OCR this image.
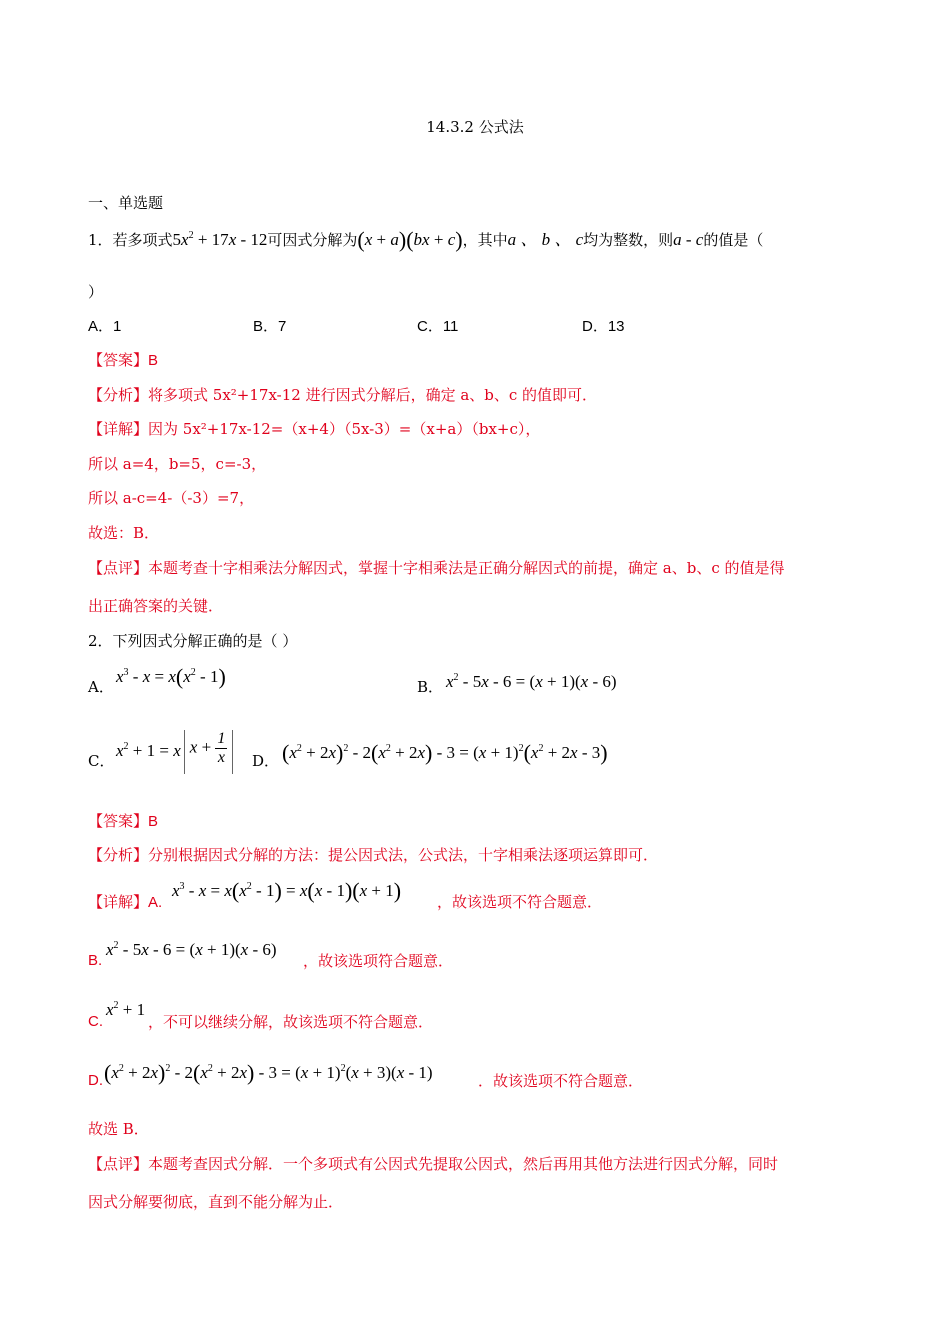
14.3.2 公式法
一、单选题
1．若多项式$5x^2 + 17x - 12$可因式分解为(x + a)(bx + c)，其中a 、 b 、 c均为整数，则a - c的值是（
）
A．1	B．7	C．11	D．13
【答案】B
【分析】将多项式 5x²+17x-12 进行因式分解后，确定 a、b、c 的值即可．
【详解】因为 5x²+17x-12=（x+4）（5x-3）=（x+a）（bx+c），
所以 a=4，b=5，c=-3，
所以 a-c=4-（-3）=7，
故选：B．
【点评】本题考查十字相乘法分解因式，掌握十字相乘法是正确分解因式的前提，确定 a、b、c 的值是得
出正确答案的关键．
2．下列因式分解正确的是（ ）
A．
$x^3 - x = x(x^2 - 1)$	B． $x^2 - 5x - 6 = (x + 1)(x - 6)$
C．
$x^2 + 1 = x$ $x + \frac{1}{x}$ D． $(x^2 + 2x)^2 - 2(x^2 + 2x) - 3 = (x + 1)^2(x^2 + 2x - 3)$
【答案】B
【分析】分别根据因式分解的方法：提公因式法，公式法，十字相乘法逐项运算即可．
【详解】A.
$x^3 - x = x(x^2 - 1) = x(x - 1)(x + 1)$ ，故该选项不符合题意．
B.
$x^2 - 5x - 6 = (x + 1)(x - 6)$
，故该选项符合题意．
C.
$x^2 + 1$
，不可以继续分解，故该选项不符合题意．
D. $(x^2 + 2x)^2 - 2(x^2 + 2x) - 3 = (x + 1)^2(x + 3)(x - 1)$	．故该选项不符合题意．
故选 B．
【点评】本题考查因式分解．一个多项式有公因式先提取公因式，然后再用其他方法进行因式分解，同时
因式分解要彻底，直到不能分解为止．
